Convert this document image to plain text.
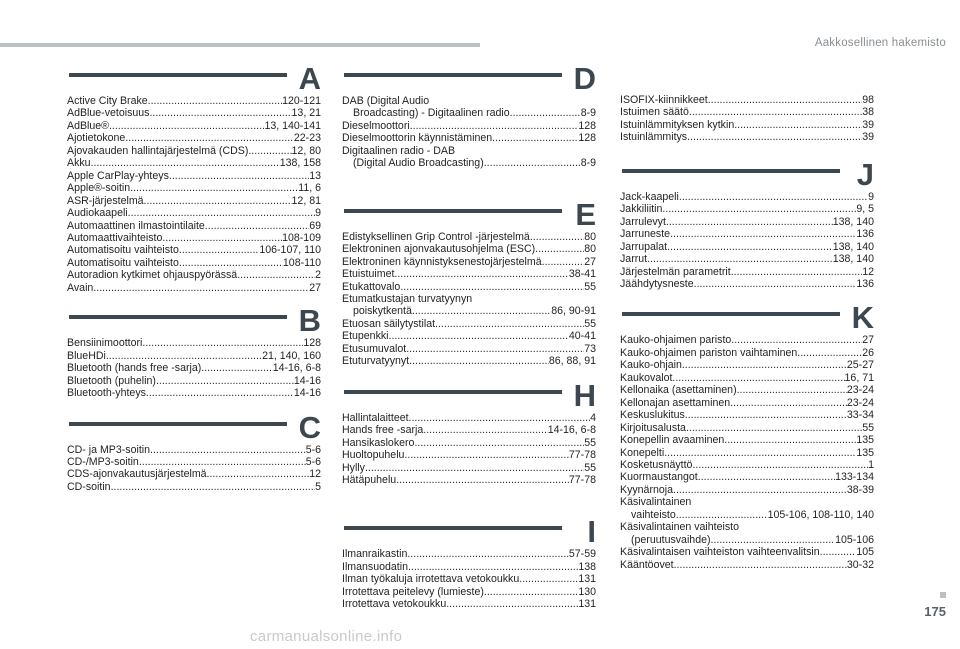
Aakkosellinen hakemisto
A
Active City Brake .....	120-121
AdBlue-vetoisuus .....	13, 21
AdBlue® .....	13, 140-141
Ajotietokone .....	22-23
Ajovakauden hallintajärjestelmä (CDS) .....	12, 80
Akku .....	138, 158
Apple CarPlay-yhteys .....	13
Apple®-soitin .....	11, 6
ASR-järjestelmä .....	12, 81
Audiokaapeli .....	9
Automaattinen ilmastointilaite .....	69
Automaattivaihteisto .....	108-109
Automatisoitu vaihteisto .....	106-107, 110
Automatisoitu vaihteisto .....	108-110
Autoradion kytkimet ohjauspyörässä .....	2
Avain .....	27
B
Bensiinimoottori .....	128
BlueHDi .....	21, 140, 160
Bluetooth (hands free -sarja) .....	14-16, 6-8
Bluetooth (puhelin) .....	14-16
Bluetooth-yhteys .....	14-16
C
CD- ja MP3-soitin .....	5-6
CD-/MP3-soitin .....	5-6
CDS-ajonvakautusjärjestelmä .....	12
CD-soitin .....	5
D
DAB (Digital Audio
Broadcasting) - Digitaalinen radio .....	8-9
Dieselmoottori .....	128
Dieselmoottorin käynnistäminen .....	128
Digitaalinen radio - DAB
(Digital Audio Broadcasting) .....	8-9
E
Edistyksellinen Grip Control -järjestelmä .....	80
Elektroninen ajonvakautusohjelma (ESC) .....	80
Elektroninen käynnistyksenestojärjestelmä .....	27
Etuistuimet .....	38-41
Etukattovalo .....	55
Etumatkustajan turvatyynyn
poiskytkentä .....	86, 90-91
Etuosan säilytystilat .....	55
Etupenkki .....	40-41
Etusumuvalot .....	73
Etuturvatyynyt .....	86, 88, 91
H
Hallintalaitteet .....	4
Hands free -sarja .....	14-16, 6-8
Hansikaslokero .....	55
Huoltopuhelu .....	77-78
Hylly .....	55
Hätäpuhelu .....	77-78
I
Ilmanraikastin .....	57-59
Ilmansuodatin .....	138
Ilman työkaluja irrotettava vetokoukku .....	131
Irrotettava peitelevy (lumieste) .....	130
Irrotettava vetokoukku .....	131
ISOFIX-kiinnikkeet .....	98
Istuimen säätö .....	38
Istuinlämmityksen kytkin .....	39
Istuinlämmitys .....	39
J
Jack-kaapeli .....	9
Jakkiliitin .....	9, 5
Jarrulevyt .....	138, 140
Jarruneste .....	136
Jarrupalat .....	138, 140
Jarrut .....	138, 140
Järjestelmän parametrit .....	12
Jäähdytysneste .....	136
K
Kauko-ohjaimen paristo .....	27
Kauko-ohjaimen pariston vaihtaminen .....	26
Kauko-ohjain .....	25-27
Kaukovalot .....	16, 71
Kellonaika (asettaminen) .....	23-24
Kellonajan asettaminen .....	23-24
Keskuslukitus .....	33-34
Kirjoitusalusta .....	55
Konepellin avaaminen .....	135
Konepelti .....	135
Kosketusnäyttö .....	1
Kuormaustangot .....	133-134
Kyynärnoja .....	38-39
Käsivalintainen
vaihteisto .....	105-106, 108-110, 140
Käsivalintainen vaihteisto
(peruutusvaihde) .....	105-106
Käsivalintaisen vaihteiston vaihteenvalitsin .....	105
Kääntöovet .....	30-32
175
carmanualsonline.info
